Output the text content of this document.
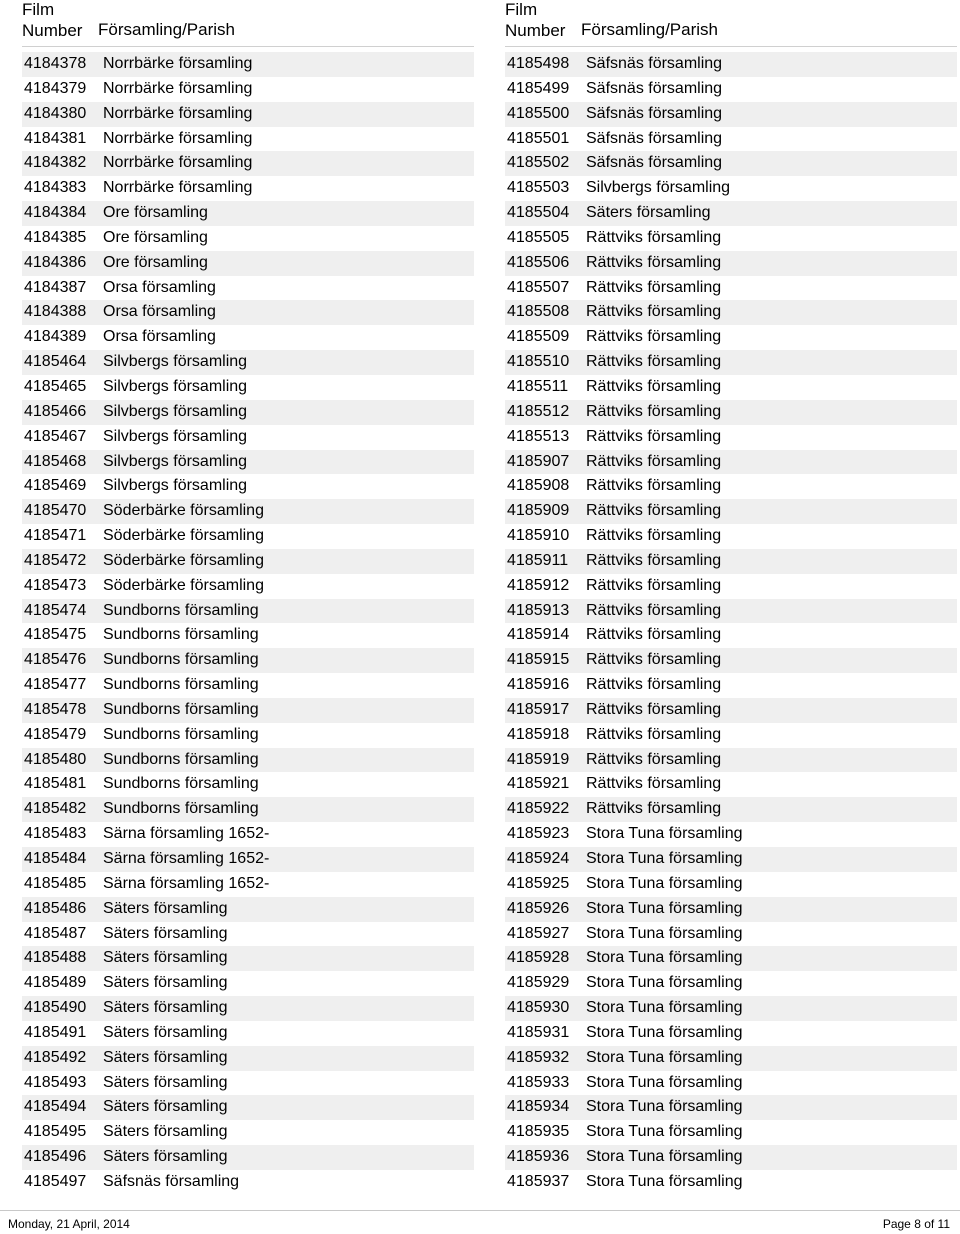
Film
Number Församling/Parish
4184378 Norrbärke församling
4184379 Norrbärke församling
4184380 Norrbärke församling
4184381 Norrbärke församling
4184382 Norrbärke församling
4184383 Norrbärke församling
4184384 Ore församling
4184385 Ore församling
4184386 Ore församling
4184387 Orsa församling
4184388 Orsa församling
4184389 Orsa församling
4185464 Silvbergs församling
4185465 Silvbergs församling
4185466 Silvbergs församling
4185467 Silvbergs församling
4185468 Silvbergs församling
4185469 Silvbergs församling
4185470 Söderbärke församling
4185471 Söderbärke församling
4185472 Söderbärke församling
4185473 Söderbärke församling
4185474 Sundborns församling
4185475 Sundborns församling
4185476 Sundborns församling
4185477 Sundborns församling
4185478 Sundborns församling
4185479 Sundborns församling
4185480 Sundborns församling
4185481 Sundborns församling
4185482 Sundborns församling
4185483 Särna församling 1652-
4185484 Särna församling 1652-
4185485 Särna församling 1652-
4185486 Säters församling
4185487 Säters församling
4185488 Säters församling
4185489 Säters församling
4185490 Säters församling
4185491 Säters församling
4185492 Säters församling
4185493 Säters församling
4185494 Säters församling
4185495 Säters församling
4185496 Säters församling
4185497 Säfsnäs församling
Film
Number Församling/Parish
4185498 Säfsnäs församling
4185499 Säfsnäs församling
4185500 Säfsnäs församling
4185501 Säfsnäs församling
4185502 Säfsnäs församling
4185503 Silvbergs församling
4185504 Säters församling
4185505 Rättviks församling
4185506 Rättviks församling
4185507 Rättviks församling
4185508 Rättviks församling
4185509 Rättviks församling
4185510 Rättviks församling
4185511 Rättviks församling
4185512 Rättviks församling
4185513 Rättviks församling
4185907 Rättviks församling
4185908 Rättviks församling
4185909 Rättviks församling
4185910 Rättviks församling
4185911 Rättviks församling
4185912 Rättviks församling
4185913 Rättviks församling
4185914 Rättviks församling
4185915 Rättviks församling
4185916 Rättviks församling
4185917 Rättviks församling
4185918 Rättviks församling
4185919 Rättviks församling
4185921 Rättviks församling
4185922 Rättviks församling
4185923 Stora Tuna församling
4185924 Stora Tuna församling
4185925 Stora Tuna församling
4185926 Stora Tuna församling
4185927 Stora Tuna församling
4185928 Stora Tuna församling
4185929 Stora Tuna församling
4185930 Stora Tuna församling
4185931 Stora Tuna församling
4185932 Stora Tuna församling
4185933 Stora Tuna församling
4185934 Stora Tuna församling
4185935 Stora Tuna församling
4185936 Stora Tuna församling
4185937 Stora Tuna församling
Monday, 21 April, 2014	Page 8 of 11
